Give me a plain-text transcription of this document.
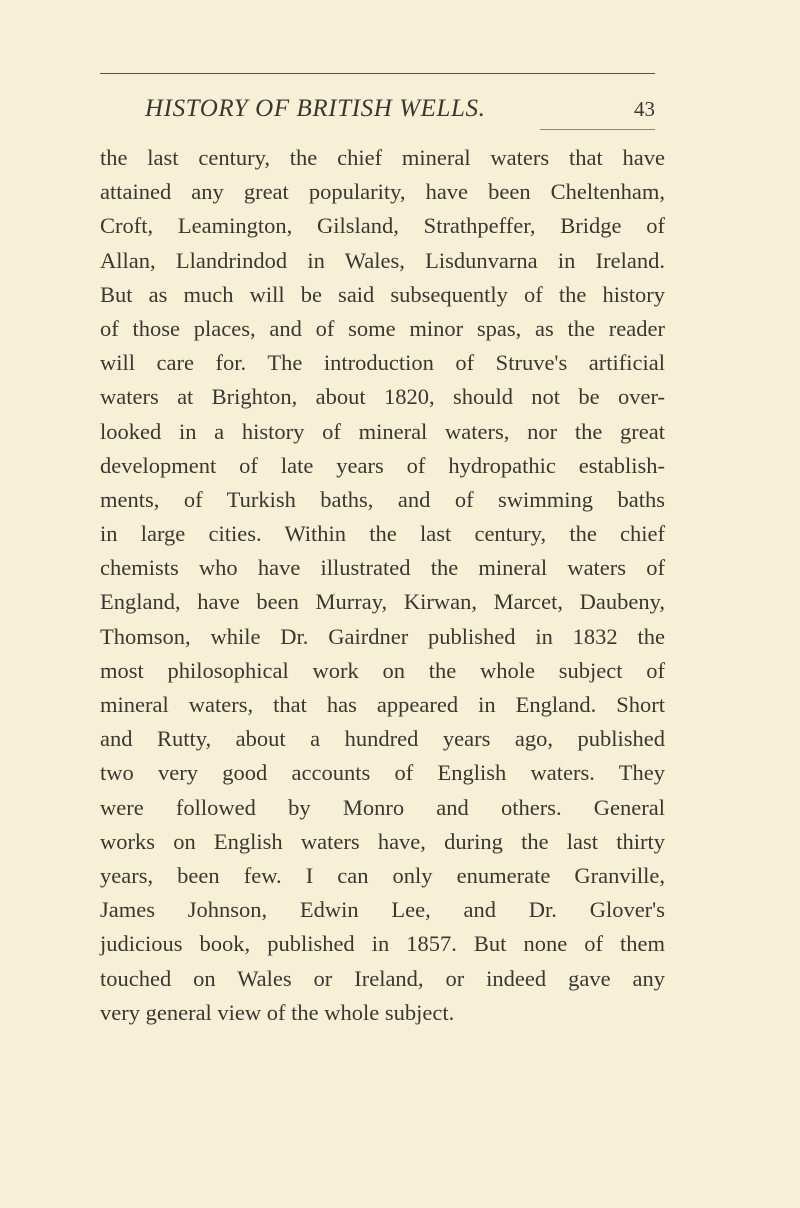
HISTORY OF BRITISH WELLS.	43
the last century, the chief mineral waters that have
attained any great popularity, have been Cheltenham,
Croft, Leamington, Gilsland, Strathpeffer, Bridge of
Allan, Llandrindod in Wales, Lisdunvarna in Ireland.
But as much will be said subsequently of the history
of those places, and of some minor spas, as the reader
will care for. The introduction of Struve's artificial
waters at Brighton, about 1820, should not be over-
looked in a history of mineral waters, nor the great
development of late years of hydropathic establish-
ments, of Turkish baths, and of swimming baths
in large cities. Within the last century, the chief
chemists who have illustrated the mineral waters of
England, have been Murray, Kirwan, Marcet, Daubeny,
Thomson, while Dr. Gairdner published in 1832 the
most philosophical work on the whole subject of
mineral waters, that has appeared in England. Short
and Rutty, about a hundred years ago, published
two very good accounts of English waters. They
were followed by Monro and others. General
works on English waters have, during the last thirty
years, been few. I can only enumerate Granville,
James Johnson, Edwin Lee, and Dr. Glover's
judicious book, published in 1857. But none of them
touched on Wales or Ireland, or indeed gave any
very general view of the whole subject.
